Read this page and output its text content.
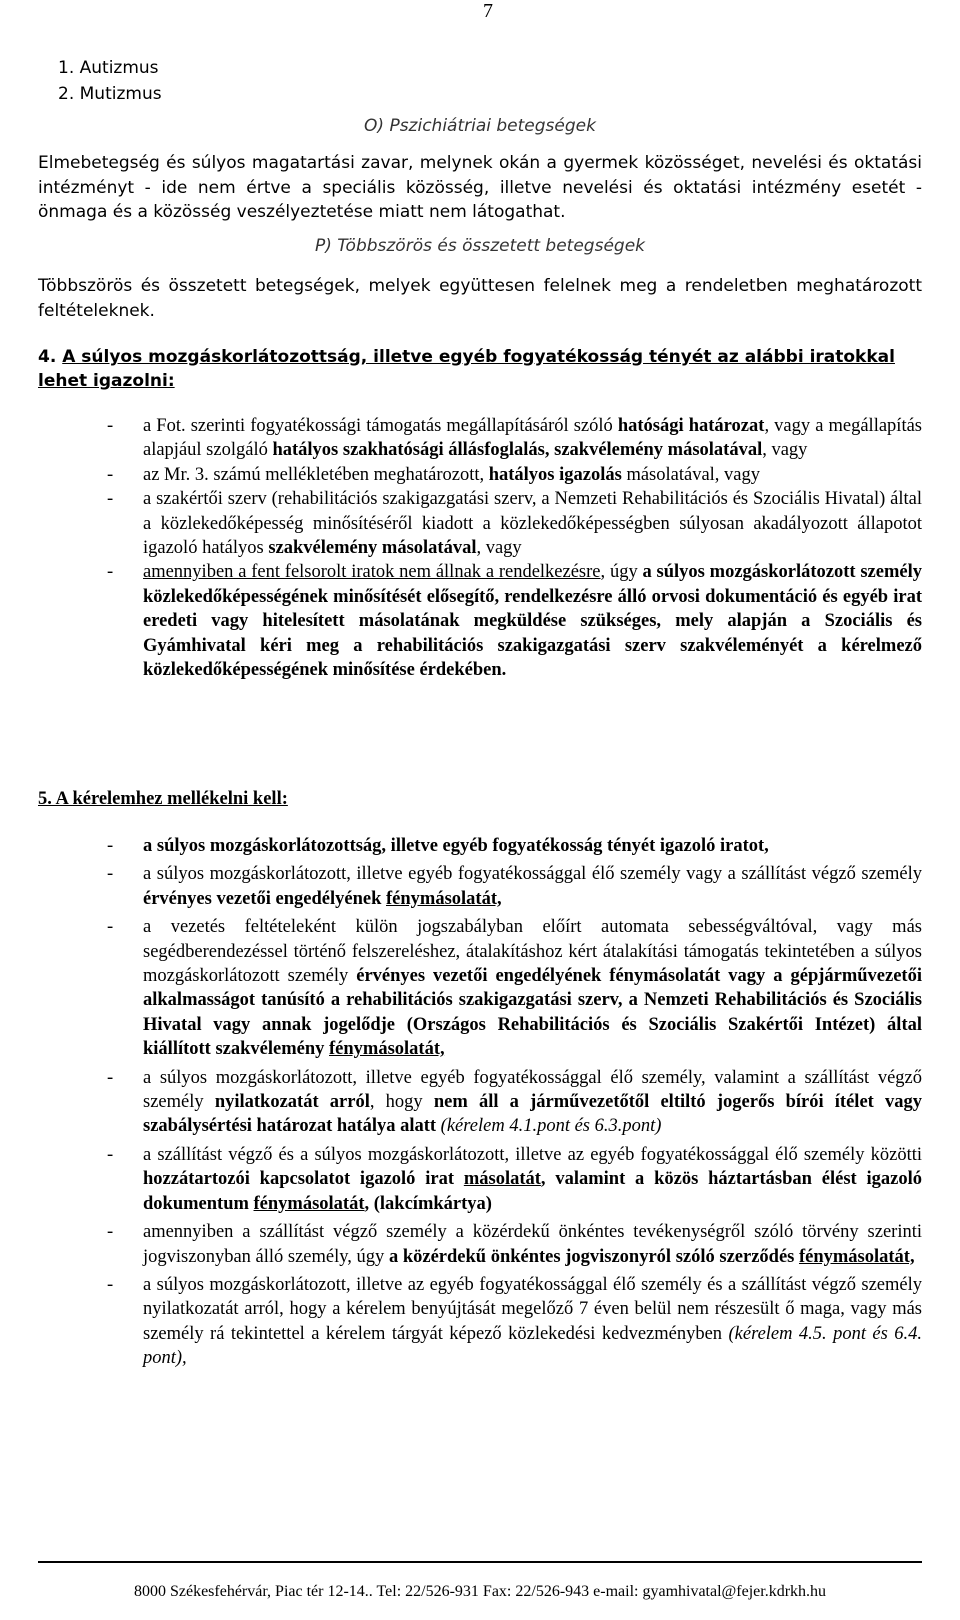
7
1. Autizmus
2. Mutizmus
O) Pszichiátriai betegségek
Elmebetegség és súlyos magatartási zavar, melynek okán a gyermek közösséget, nevelési és oktatási intézményt - ide nem értve a speciális közösség, illetve nevelési és oktatási intézmény esetét - önmaga és a közösség veszélyeztetése miatt nem látogathat.
P) Többszörös és összetett betegségek
Többszörös és összetett betegségek, melyek együttesen felelnek meg a rendeletben meghatározott feltételeknek.
4. A súlyos mozgáskorlátozottság, illetve egyéb fogyatékosság tényét az alábbi iratokkal lehet igazolni:
- a Fot. szerinti fogyatékossági támogatás megállapításáról szóló hatósági határozat, vagy a megállapítás alapjául szolgáló hatályos szakhatósági állásfoglalás, szakvélemény másolatával, vagy
- az Mr. 3. számú mellékletében meghatározott, hatályos igazolás másolatával, vagy
- a szakértői szerv (rehabilitációs szakigazgatási szerv, a Nemzeti Rehabilitációs és Szociális Hivatal) által a közlekedőképesség minősítéséről kiadott a közlekedőképességben súlyosan akadályozott állapotot igazoló hatályos szakvélemény másolatával, vagy
- amennyiben a fent felsorolt iratok nem állnak a rendelkezésre, úgy a súlyos mozgáskorlátozott személy közlekedőképességének minősítését elősegítő, rendelkezésre álló orvosi dokumentáció és egyéb irat eredeti vagy hitelesített másolatának megküldése szükséges, mely alapján a Szociális és Gyámhivatal kéri meg a rehabilitációs szakigazgatási szerv szakvéleményét a kérelmező közlekedőképességének minősítése érdekében.
5. A kérelemhez mellékelni kell:
- a súlyos mozgáskorlátozottság, illetve egyéb fogyatékosság tényét igazoló iratot,
- a súlyos mozgáskorlátozott, illetve egyéb fogyatékossággal élő személy vagy a szállítást végző személy érvényes vezetői engedélyének fénymásolatát,
- a vezetés feltételeként külön jogszabályban előírt automata sebességváltóval, vagy más segédberendezéssel történő felszereléshez, átalakításhoz kért átalakítási támogatás tekintetében a súlyos mozgáskorlátozott személy érvényes vezetői engedélyének fénymásolatát vagy a gépjárművezetői alkalmasságot tanúsító a rehabilitációs szakigazgatási szerv, a Nemzeti Rehabilitációs és Szociális Hivatal vagy annak jogelődje (Országos Rehabilitációs és Szociális Szakértői Intézet) által kiállított szakvélemény fénymásolatát,
- a súlyos mozgáskorlátozott, illetve egyéb fogyatékossággal élő személy, valamint a szállítást végző személy nyilatkozatát arról, hogy nem áll a járművezetőtől eltiltó jogerős bírói ítélet vagy szabálysértési határozat hatálya alatt (kérelem 4.1.pont és 6.3.pont)
- a szállítást végző és a súlyos mozgáskorlátozott, illetve az egyéb fogyatékossággal élő személy közötti hozzátartozói kapcsolatot igazoló irat másolatát, valamint a közös háztartásban élést igazoló dokumentum fénymásolatát, (lakcímkártya)
- amennyiben a szállítást végző személy a közérdekű önkéntes tevékenységről szóló törvény szerinti jogviszonyban álló személy, úgy a közérdekű önkéntes jogviszonyról szóló szerződés fénymásolatát,
- a súlyos mozgáskorlátozott, illetve az egyéb fogyatékossággal élő személy és a szállítást végző személy nyilatkozatát arról, hogy a kérelem benyújtását megelőző 7 éven belül nem részesült ő maga, vagy más személy rá tekintettel a kérelem tárgyát képező közlekedési kedvezményben (kérelem 4.5. pont és 6.4. pont),
8000 Székesfehérvár, Piac tér 12-14.. Tel: 22/526-931 Fax: 22/526-943 e-mail: gyamhivatal@fejer.kdrkh.hu
